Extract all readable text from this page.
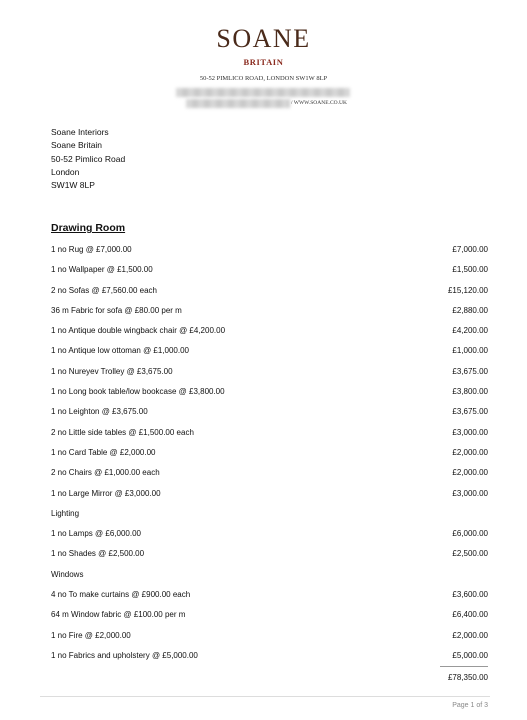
SOANE
BRITAIN
50-52 PIMLICO ROAD, LONDON SW1W 8LP
/ WWW.SOANE.CO.UK
Soane Interiors
Soane Britain
50-52 Pimlico Road
London
SW1W 8LP
Drawing Room
1 no Rug @ £7,000.00	£7,000.00
1 no Wallpaper @ £1,500.00	£1,500.00
2 no Sofas @ £7,560.00 each	£15,120.00
36 m Fabric for sofa @ £80.00 per m	£2,880.00
1 no Antique double wingback chair @ £4,200.00	£4,200.00
1 no Antique low ottoman @ £1,000.00	£1,000.00
1 no Nureyev Trolley @ £3,675.00	£3,675.00
1 no Long book table/low bookcase @ £3,800.00	£3,800.00
1 no Leighton @ £3,675.00	£3,675.00
2 no Little side tables @ £1,500.00 each	£3,000.00
1 no Card Table @ £2,000.00	£2,000.00
2 no Chairs @ £1,000.00 each	£2,000.00
1 no Large Mirror @ £3,000.00	£3,000.00
Lighting
1 no Lamps @ £6,000.00	£6,000.00
1 no Shades @ £2,500.00	£2,500.00
Windows
4 no To make curtains @ £900.00 each	£3,600.00
64 m Window fabric @ £100.00 per m	£6,400.00
1 no Fire @ £2,000.00	£2,000.00
1 no Fabrics and upholstery @ £5,000.00	£5,000.00
£78,350.00
Page 1 of 3
